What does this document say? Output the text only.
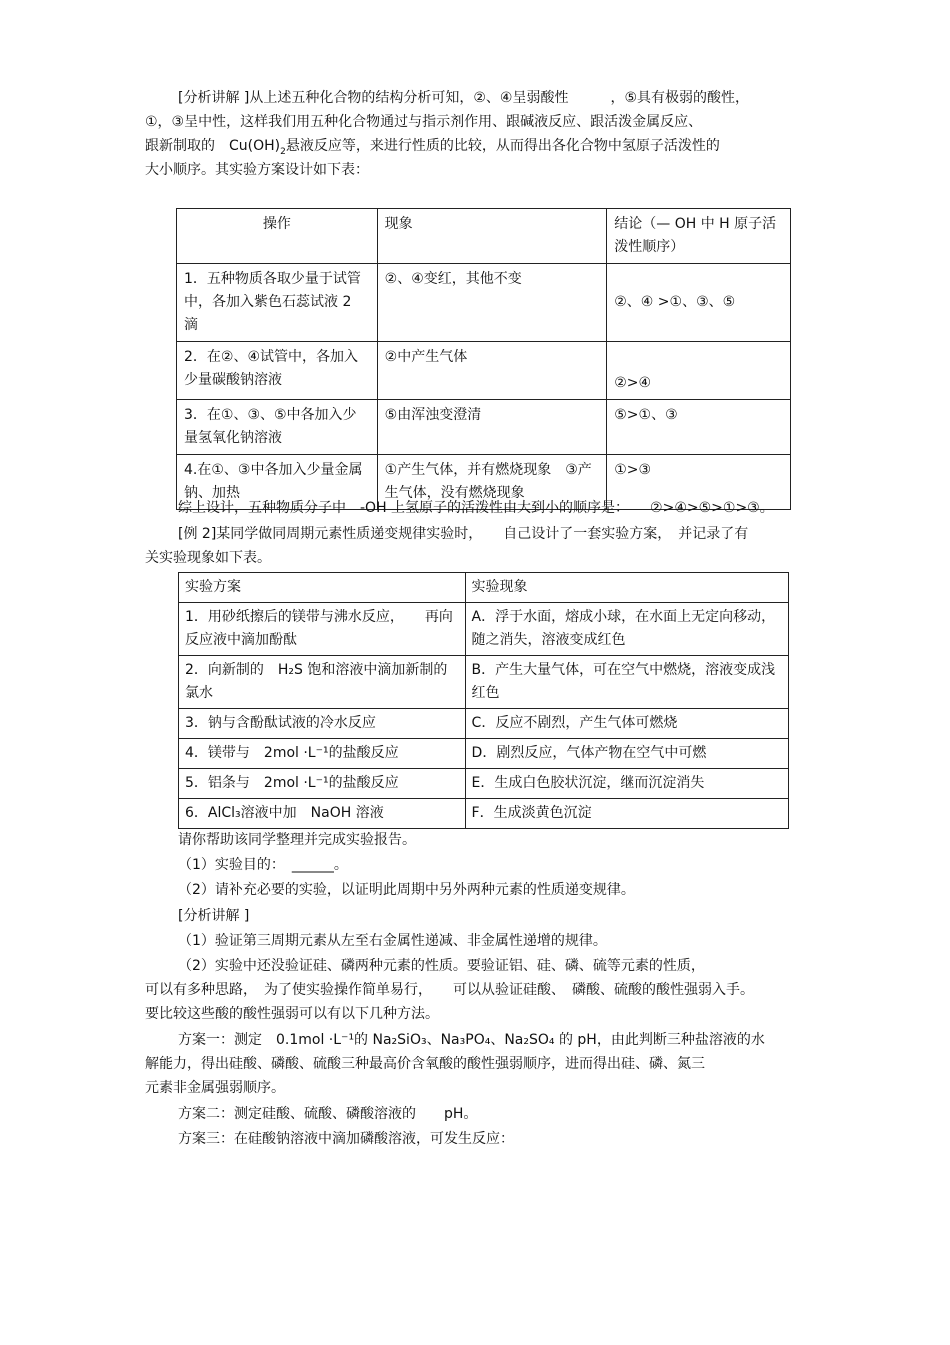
[分析讲解 ]从上述五种化合物的结构分析可知，②、④呈弱酸性　　　，⑤具有极弱的酸性，
①，③呈中性，这样我们用五种化合物通过与指示剂作用、跟碱液反应、跟活泼金属反应、
跟新制取的　$Cu(OH)_2$悬液反应等，来进行性质的比较，从而得出各化合物中氢原子活泼性的
大小顺序。其实验方案设计如下表：
操作	现象	结论（— OH 中 H 原子活泼性顺序）
1．五种物质各取少量于试管中，各加入紫色石蕊试液 2 滴	②、④变红，其他不变	②、④ >①、③、⑤
2．在②、④试管中，各加入少量碳酸钠溶液	②中产生气体	②>④
3．在①、③、⑤中各加入少量氢氧化钠溶液	⑤由浑浊变澄清	⑤>①、③
4.在①、③中各加入少量金属钠、加热	①产生气体，并有燃烧现象　③产生气体，没有燃烧现象	①>③
综上设计，五种物质分子中　-OH 上氢原子的活泼性由大到小的顺序是：　　②>④>⑤>①>③。
[例 2]某同学做同周期元素性质递变规律实验时，　　自己设计了一套实验方案，　并记录了有
关实验现象如下表。
实验方案	实验现象
1．用砂纸擦后的镁带与沸水反应，　　再向反应液中滴加酚酞	A．浮于水面，熔成小球，在水面上无定向移动，随之消失，溶液变成红色
2．向新制的　H₂S 饱和溶液中滴加新制的氯水	B．产生大量气体，可在空气中燃烧，溶液变成浅红色
3．钠与含酚酞试液的冷水反应	C．反应不剧烈，产生气体可燃烧
4．镁带与　2mol ·L⁻¹的盐酸反应	D．剧烈反应，气体产物在空气中可燃
5．铝条与　2mol ·L⁻¹的盐酸反应	E．生成白色胶状沉淀，继而沉淀消失
6．AlCl₃溶液中加　NaOH 溶液	F．生成淡黄色沉淀
请你帮助该同学整理并完成实验报告。
（1）实验目的：　______。
（2）请补充必要的实验，以证明此周期中另外两种元素的性质递变规律。
[分析讲解 ]
（1）验证第三周期元素从左至右金属性递减、非金属性递增的规律。
（2）实验中还没验证硅、磷两种元素的性质。要验证铝、硅、磷、硫等元素的性质，
可以有多种思路，　为了使实验操作简单易行，　　可以从验证硅酸、　磷酸、硫酸的酸性强弱入手。
要比较这些酸的酸性强弱可以有以下几种方法。
方案一：测定　0.1mol ·L⁻¹的 Na₂SiO₃、Na₃PO₄、Na₂SO₄ 的 pH，由此判断三种盐溶液的水
解能力，得出硅酸、磷酸、硫酸三种最高价含氧酸的酸性强弱顺序，进而得出硅、磷、氮三
元素非金属强弱顺序。
方案二：测定硅酸、硫酸、磷酸溶液的　　pH。
方案三：在硅酸钠溶液中滴加磷酸溶液，可发生反应：
